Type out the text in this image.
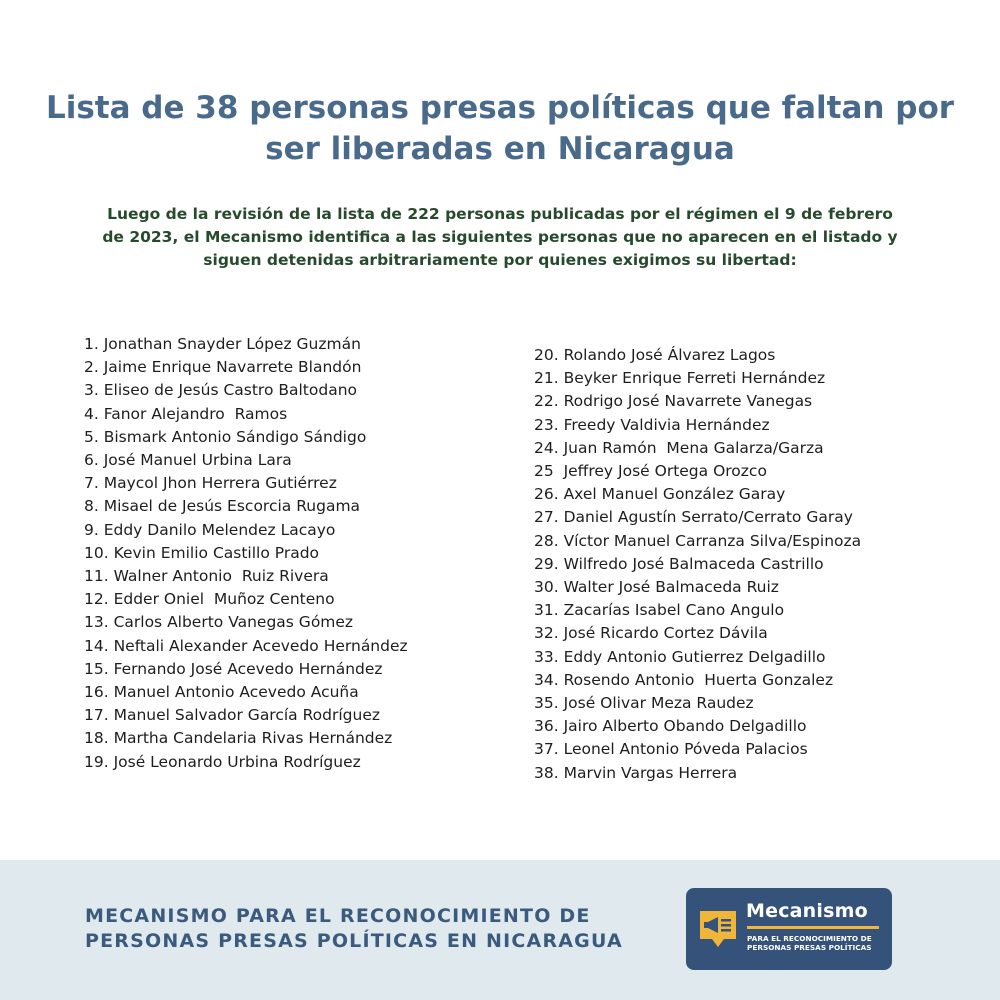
Lista de 38 personas presas políticas que faltan por
ser liberadas en Nicaragua

Luego de la revisión de la lista de 222 personas publicadas por el régimen el 9 de febrero
de 2023, el Mecanismo identifica a las siguientes personas que no aparecen en el listado y
siguen detenidas arbitrariamente por quienes exigimos su libertad:

1. Jonathan Snayder López Guzmán
2. Jaime Enrique Navarrete Blandón
3. Eliseo de Jesús Castro Baltodano
4. Fanor Alejandro  Ramos
5. Bismark Antonio Sándigo Sándigo
6. José Manuel Urbina Lara
7. Maycol Jhon Herrera Gutiérrez
8. Misael de Jesús Escorcia Rugama
9. Eddy Danilo Melendez Lacayo
10. Kevin Emilio Castillo Prado
11. Walner Antonio  Ruiz Rivera
12. Edder Oniel  Muñoz Centeno
13. Carlos Alberto Vanegas Gómez
14. Neftali Alexander Acevedo Hernández
15. Fernando José Acevedo Hernández
16. Manuel Antonio Acevedo Acuña
17. Manuel Salvador García Rodríguez
18. Martha Candelaria Rivas Hernández
19. José Leonardo Urbina Rodríguez
20. Rolando José Álvarez Lagos
21. Beyker Enrique Ferreti Hernández
22. Rodrigo José Navarrete Vanegas
23. Freedy Valdivia Hernández
24. Juan Ramón  Mena Galarza/Garza
25  Jeffrey José Ortega Orozco
26. Axel Manuel González Garay
27. Daniel Agustín Serrato/Cerrato Garay
28. Víctor Manuel Carranza Silva/Espinoza
29. Wilfredo José Balmaceda Castrillo
30. Walter José Balmaceda Ruiz
31. Zacarías Isabel Cano Angulo
32. José Ricardo Cortez Dávila
33. Eddy Antonio Gutierrez Delgadillo
34. Rosendo Antonio  Huerta Gonzalez
35. José Olivar Meza Raudez
36. Jairo Alberto Obando Delgadillo
37. Leonel Antonio Póveda Palacios
38. Marvin Vargas Herrera

MECANISMO PARA EL RECONOCIMIENTO DE
PERSONAS PRESAS POLÍTICAS EN NICARAGUA

Mecanismo
PARA EL RECONOCIMIENTO DE
PERSONAS PRESAS POLÍTICAS
